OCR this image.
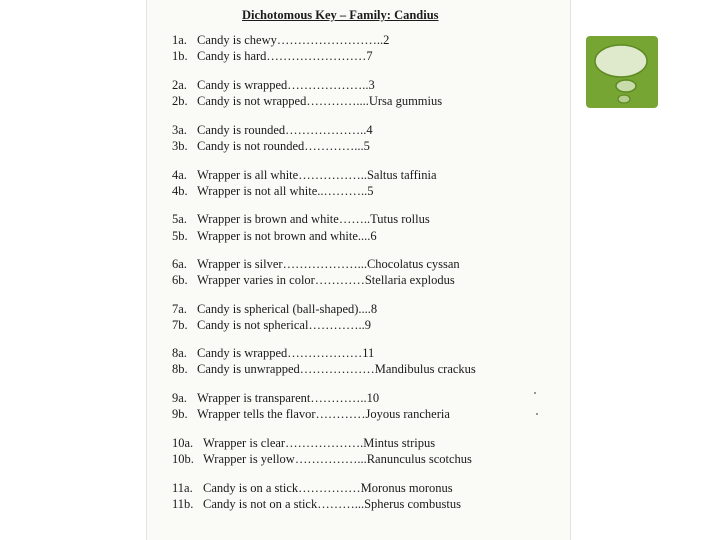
Dichotomous Key – Family: Candius
1a. Candy is chewy……………………..2
1b. Candy is hard……………………7
2a. Candy is wrapped………………..3
2b. Candy is not wrapped…………....Ursa gummius
3a. Candy is rounded………………..4
3b. Candy is not rounded…………...5
4a. Wrapper is all white……………..Saltus taffinia
4b. Wrapper is not all white..………..5
5a. Wrapper is brown and white……..Tutus rollus
5b. Wrapper is not brown and white....6
6a. Wrapper is silver………………...Chocolatus cyssan
6b. Wrapper varies in color…………Stellaria explodus
7a. Candy is spherical (ball-shaped)....8
7b. Candy is not spherical…………..9
8a. Candy is wrapped………………11
8b. Candy is unwrapped………………Mandibulus crackus
9a. Wrapper is transparent…………..10
9b. Wrapper tells the flavor…………Joyous rancheria
10a. Wrapper is clear……………….Mintus stripus
10b. Wrapper is yellow……………...Ranunculus scotchus
11a. Candy is on a stick……………Moronus moronus
11b. Candy is not on a stick………...Spherus combustus
